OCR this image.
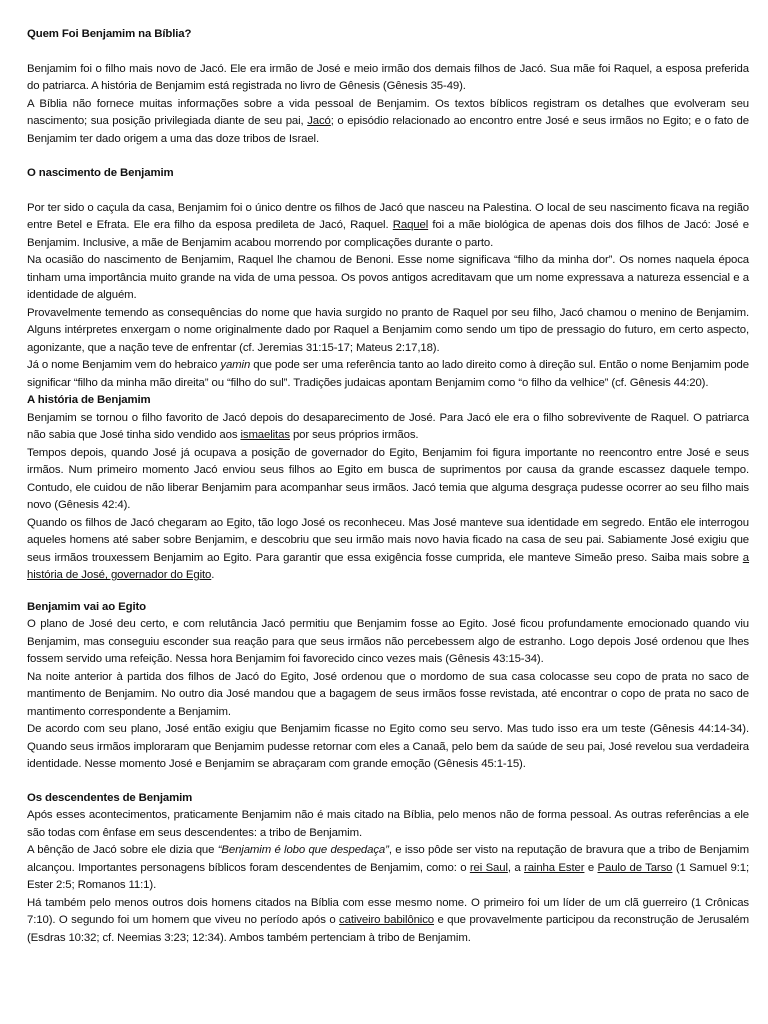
Quem Foi Benjamim na Bíblia?

Benjamim foi o filho mais novo de Jacó. Ele era irmão de José e meio irmão dos demais filhos de Jacó. Sua mãe foi Raquel, a esposa preferida do patriarca. A história de Benjamim está registrada no livro de Gênesis (Gênesis 35-49).

A Bíblia não fornece muitas informações sobre a vida pessoal de Benjamim. Os textos bíblicos registram os detalhes que evolveram seu nascimento; sua posição privilegiada diante de seu pai, Jacó; o episódio relacionado ao encontro entre José e seus irmãos no Egito; e o fato de Benjamim ter dado origem a uma das doze tribos de Israel.

O nascimento de Benjamim

Por ter sido o caçula da casa, Benjamim foi o único dentre os filhos de Jacó que nasceu na Palestina. O local de seu nascimento ficava na região entre Betel e Efrata. Ele era filho da esposa predileta de Jacó, Raquel. Raquel foi a mãe biológica de apenas dois dos filhos de Jacó: José e Benjamim. Inclusive, a mãe de Benjamim acabou morrendo por complicações durante o parto.

Na ocasião do nascimento de Benjamim, Raquel lhe chamou de Benoni. Esse nome significava “filho da minha dor”. Os nomes naquela época tinham uma importância muito grande na vida de uma pessoa. Os povos antigos acreditavam que um nome expressava a natureza essencial e a identidade de alguém.

Provavelmente temendo as consequências do nome que havia surgido no pranto de Raquel por seu filho, Jacó chamou o menino de Benjamim. Alguns intérpretes enxergam o nome originalmente dado por Raquel a Benjamim como sendo um tipo de pressagio do futuro, em certo aspecto, agonizante, que a nação teve de enfrentar (cf. Jeremias 31:15-17; Mateus 2:17,18).

Já o nome Benjamim vem do hebraico yamin que pode ser uma referência tanto ao lado direito como à direção sul. Então o nome Benjamim pode significar “filho da minha mão direita” ou “filho do sul”. Tradições judaicas apontam Benjamim como “o filho da velhice” (cf. Gênesis 44:20).

A história de Benjamim

Benjamim se tornou o filho favorito de Jacó depois do desaparecimento de José. Para Jacó ele era o filho sobrevivente de Raquel. O patriarca não sabia que José tinha sido vendido aos ismaelitas por seus próprios irmãos.

Tempos depois, quando José já ocupava a posição de governador do Egito, Benjamim foi figura importante no reencontro entre José e seus irmãos. Num primeiro momento Jacó enviou seus filhos ao Egito em busca de suprimentos por causa da grande escassez daquele tempo. Contudo, ele cuidou de não liberar Benjamim para acompanhar seus irmãos. Jacó temia que alguma desgraça pudesse ocorrer ao seu filho mais novo (Gênesis 42:4).

Quando os filhos de Jacó chegaram ao Egito, tão logo José os reconheceu. Mas José manteve sua identidade em segredo. Então ele interrogou aqueles homens até saber sobre Benjamim, e descobriu que seu irmão mais novo havia ficado na casa de seu pai. Sabiamente José exigiu que seus irmãos trouxessem Benjamim ao Egito. Para garantir que essa exigência fosse cumprida, ele manteve Simeão preso. Saiba mais sobre a história de José, governador do Egito.

Benjamim vai ao Egito

O plano de José deu certo, e com relutância Jacó permitiu que Benjamim fosse ao Egito. José ficou profundamente emocionado quando viu Benjamim, mas conseguiu esconder sua reação para que seus irmãos não percebessem algo de estranho. Logo depois José ordenou que lhes fossem servido uma refeição. Nessa hora Benjamim foi favorecido cinco vezes mais (Gênesis 43:15-34).

Na noite anterior à partida dos filhos de Jacó do Egito, José ordenou que o mordomo de sua casa colocasse seu copo de prata no saco de mantimento de Benjamim. No outro dia José mandou que a bagagem de seus irmãos fosse revistada, até encontrar o copo de prata no saco de mantimento correspondente a Benjamim.

De acordo com seu plano, José então exigiu que Benjamim ficasse no Egito como seu servo. Mas tudo isso era um teste (Gênesis 44:14-34). Quando seus irmãos imploraram que Benjamim pudesse retornar com eles a Canaã, pelo bem da saúde de seu pai, José revelou sua verdadeira identidade. Nesse momento José e Benjamim se abraçaram com grande emoção (Gênesis 45:1-15).

Os descendentes de Benjamim

Após esses acontecimentos, praticamente Benjamim não é mais citado na Bíblia, pelo menos não de forma pessoal. As outras referências a ele são todas com ênfase em seus descendentes: a tribo de Benjamim.

A bênção de Jacó sobre ele dizia que “Benjamim é lobo que despedaça”, e isso pôde ser visto na reputação de bravura que a tribo de Benjamim alcançou. Importantes personagens bíblicos foram descendentes de Benjamim, como: o rei Saul, a rainha Ester e Paulo de Tarso (1 Samuel 9:1; Ester 2:5; Romanos 11:1).

Há também pelo menos outros dois homens citados na Bíblia com esse mesmo nome. O primeiro foi um líder de um clã guerreiro (1 Crônicas 7:10). O segundo foi um homem que viveu no período após o cativeiro babilônico e que provavelmente participou da reconstrução de Jerusalém (Esdras 10:32; cf. Neemias 3:23; 12:34). Ambos também pertenciam à tribo de Benjamim.
